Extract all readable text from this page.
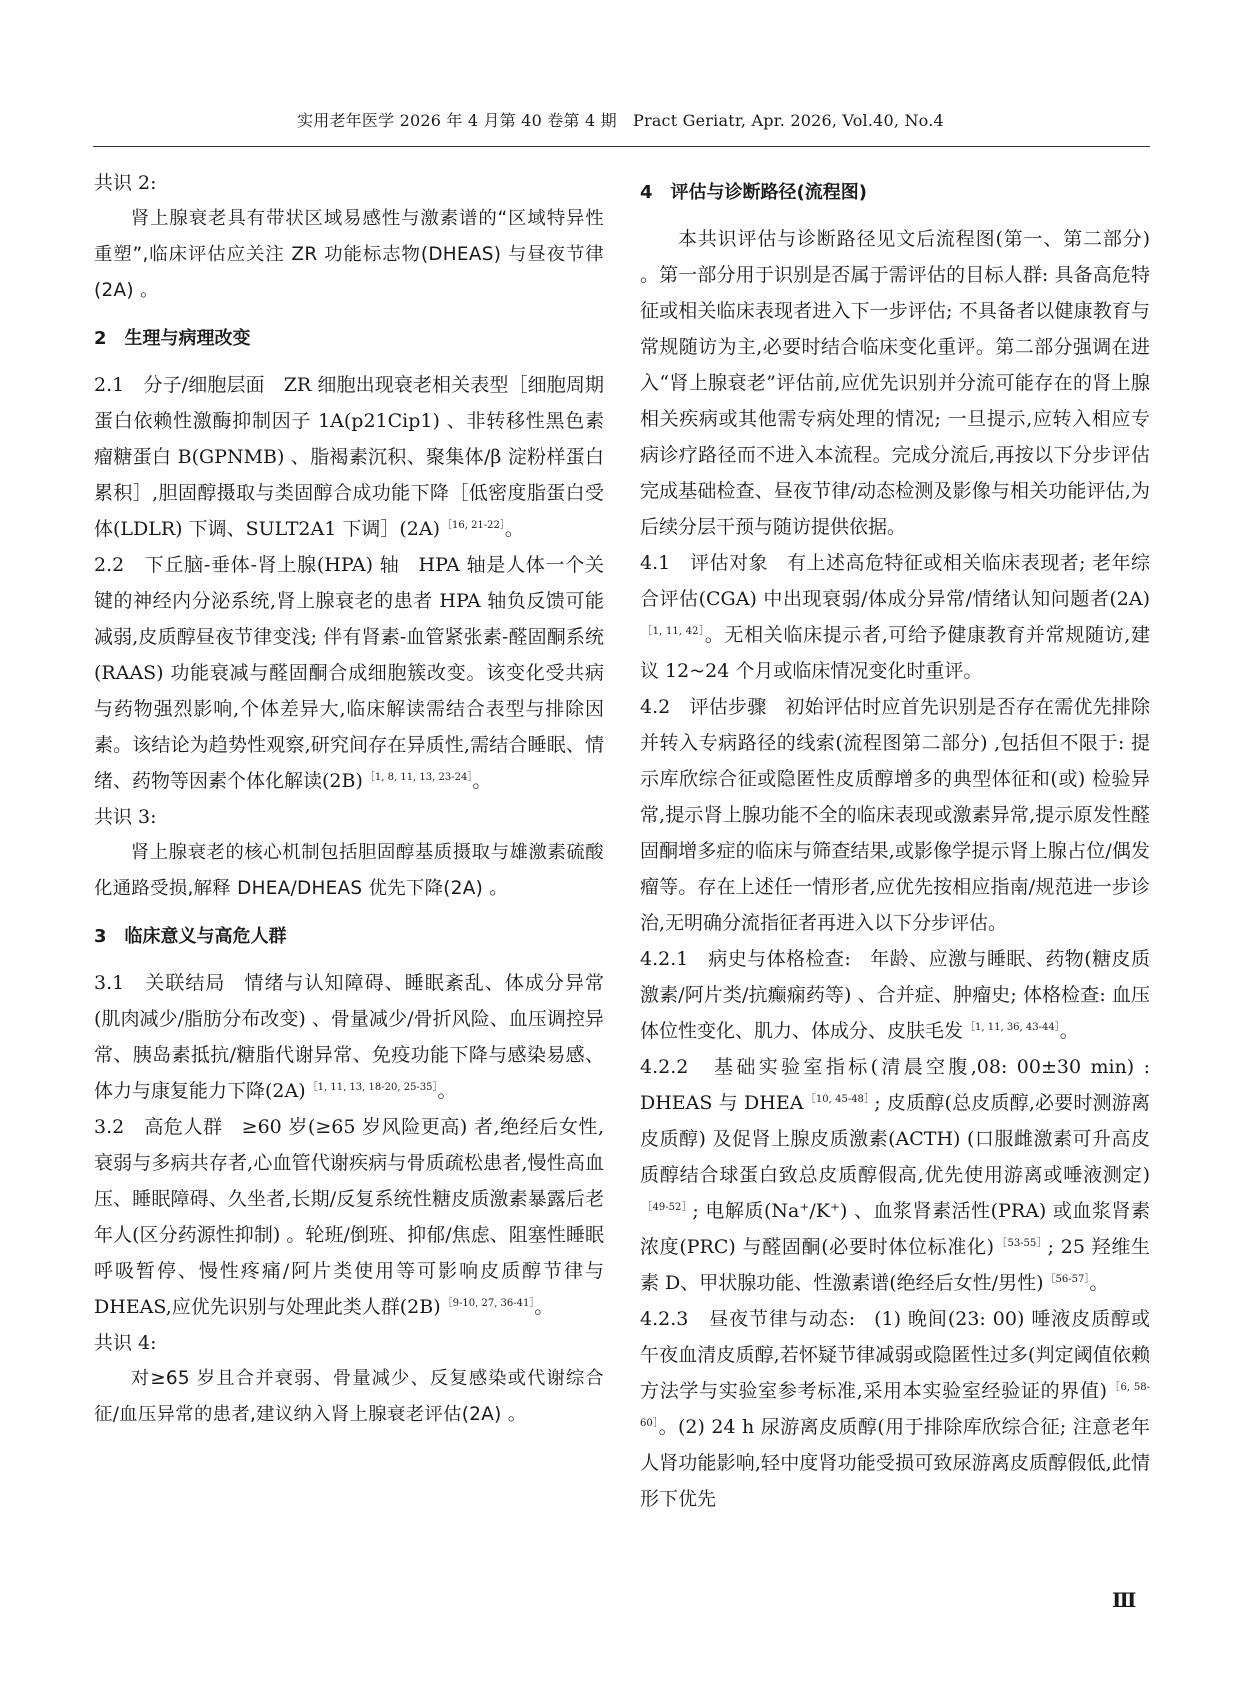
实用老年医学 2026 年 4 月第 40 卷第 4 期　Pract Geriatr, Apr. 2026, Vol.40, No.4

共识 2:

肾上腺衰老具有带状区域易感性与激素谱的“区域特异性重塑”,临床评估应关注 ZR 功能标志物(DHEAS) 与昼夜节律(2A) 。

2　生理与病理改变

2.1　分子/细胞层面 ZR 细胞出现衰老相关表型［细胞周期蛋白依赖性激酶抑制因子 1A(p21Cip1) 、非转移性黑色素瘤糖蛋白 B(GPNMB) 、脂褐素沉积、聚集体/β 淀粉样蛋白累积］,胆固醇摄取与类固醇合成功能下降［低密度脂蛋白受体(LDLR) 下调、SULT2A1 下调］(2A) $^{[16, 21-22]}$。

2.2　下丘脑-垂体-肾上腺(HPA) 轴 HPA 轴是人体一个关键的神经内分泌系统,肾上腺衰老的患者 HPA 轴负反馈可能减弱,皮质醇昼夜节律变浅; 伴有肾素-血管紧张素-醛固酮系统(RAAS) 功能衰减与醛固酮合成细胞簇改变。该变化受共病与药物强烈影响,个体差异大,临床解读需结合表型与排除因素。该结论为趋势性观察,研究间存在异质性,需结合睡眠、情绪、药物等因素个体化解读(2B) $^{[1, 8, 11, 13, 23-24]}$。

共识 3:

肾上腺衰老的核心机制包括胆固醇基质摄取与雄激素硫酸化通路受损,解释 DHEA/DHEAS 优先下降(2A) 。

3　临床意义与高危人群

3.1　关联结局 情绪与认知障碍、睡眠紊乱、体成分异常(肌肉减少/脂肪分布改变) 、骨量减少/骨折风险、血压调控异常、胰岛素抵抗/糖脂代谢异常、免疫功能下降与感染易感、体力与康复能力下降(2A) $^{[1, 11, 13, 18-20, 25-35]}$。

3.2　高危人群 ≥60 岁(≥65 岁风险更高) 者,绝经后女性,衰弱与多病共存者,心血管代谢疾病与骨质疏松患者,慢性高血压、睡眠障碍、久坐者,长期/反复系统性糖皮质激素暴露后老年人(区分药源性抑制) 。轮班/倒班、抑郁/焦虑、阻塞性睡眠呼吸暂停、慢性疼痛/阿片类使用等可影响皮质醇节律与 DHEAS,应优先识别与处理此类人群(2B) $^{[9-10, 27, 36-41]}$。

共识 4:

对≥65 岁且合并衰弱、骨量减少、反复感染或代谢综合征/血压异常的患者,建议纳入肾上腺衰老评估(2A) 。

4　评估与诊断路径(流程图)

本共识评估与诊断路径见文后流程图(第一、第二部分) 。第一部分用于识别是否属于需评估的目标人群: 具备高危特征或相关临床表现者进入下一步评估; 不具备者以健康教育与常规随访为主,必要时结合临床变化重评。第二部分强调在进入“肾上腺衰老”评估前,应优先识别并分流可能存在的肾上腺相关疾病或其他需专病处理的情况; 一旦提示,应转入相应专病诊疗路径而不进入本流程。完成分流后,再按以下分步评估完成基础检查、昼夜节律/动态检测及影像与相关功能评估,为后续分层干预与随访提供依据。

4.1　评估对象 有上述高危特征或相关临床表现者; 老年综合评估(CGA) 中出现衰弱/体成分异常/情绪认知问题者$(2A)^{[1, 11, 42]}$。无相关临床提示者,可给予健康教育并常规随访,建议 12~24 个月或临床情况变化时重评。

4.2　评估步骤 初始评估时应首先识别是否存在需优先排除并转入专病路径的线索(流程图第二部分) ,包括但不限于: 提示库欣综合征或隐匿性皮质醇增多的典型体征和(或) 检验异常,提示肾上腺功能不全的临床表现或激素异常,提示原发性醛固酮增多症的临床与筛查结果,或影像学提示肾上腺占位/偶发瘤等。存在上述任一情形者,应优先按相应指南/规范进一步诊治,无明确分流指征者再进入以下分步评估。

4.2.1　病史与体格检查: 年龄、应激与睡眠、药物(糖皮质激素/阿片类/抗癫痫药等) 、合并症、肿瘤史; 体格检查: 血压体位性变化、肌力、体成分、皮肤毛发 $^{[1, 11, 36, 43-44]}$。

4.2.2　基础实验室指标(清晨空腹,08: 00±30 min) : DHEAS 与 DHEA $^{[10, 45-48]}$; 皮质醇(总皮质醇,必要时测游离皮质醇) 及促肾上腺皮质激素(ACTH) (口服雌激素可升高皮质醇结合球蛋白致总皮质醇假高,优先使用游离或唾液测定)$^{[49-52]}$; 电解质(Na⁺/K⁺) 、血浆肾素活性(PRA) 或血浆肾素浓度(PRC) 与醛固酮(必要时体位标准化) $^{[53-55]}$; 25 羟维生素 D、甲状腺功能、性激素谱(绝经后女性/男性) $^{[56-57]}$。

4.2.3　昼夜节律与动态: (1) 晚间(23: 00) 唾液皮质醇或午夜血清皮质醇,若怀疑节律减弱或隐匿性过多(判定阈值依赖方法学与实验室参考标准,采用本实验室经验证的界值) $^{[6, 58-60]}$。(2) 24 h 尿游离皮质醇(用于排除库欣综合征; 注意老年人肾功能影响,轻中度肾功能受损可致尿游离皮质醇假低,此情形下优先

Ⅲ
